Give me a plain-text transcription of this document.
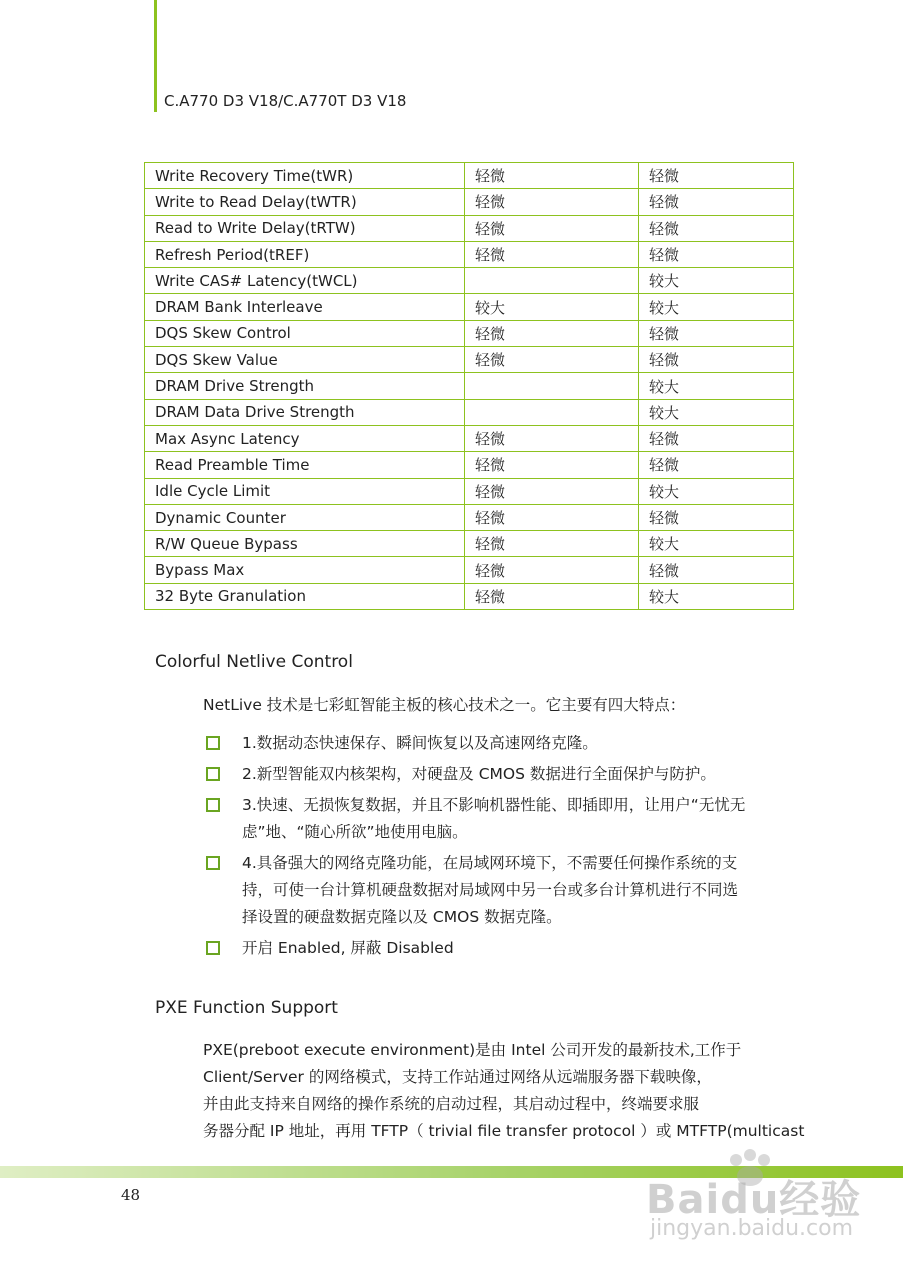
C.A770 D3 V18/C.A770T D3 V18
Write Recovery Time(tWR)	轻微	轻微
Write to Read Delay(tWTR)	轻微	轻微
Read to Write Delay(tRTW)	轻微	轻微
Refresh Period(tREF)	轻微	轻微
Write CAS# Latency(tWCL)		较大
DRAM Bank Interleave	较大	较大
DQS Skew Control	轻微	轻微
DQS Skew Value	轻微	轻微
DRAM Drive Strength		较大
DRAM Data Drive Strength		较大
Max Async Latency	轻微	轻微
Read Preamble Time	轻微	轻微
Idle Cycle Limit	轻微	较大
Dynamic Counter	轻微	轻微
R/W Queue Bypass	轻微	较大
Bypass Max	轻微	轻微
32 Byte Granulation	轻微	较大
Colorful Netlive Control
NetLive 技术是七彩虹智能主板的核心技术之一。它主要有四大特点：
1.数据动态快速保存、瞬间恢复以及高速网络克隆。
2.新型智能双内核架构，对硬盘及 CMOS 数据进行全面保护与防护。
3.快速、无损恢复数据，并且不影响机器性能、即插即用，让用户“无忧无
虑”地、“随心所欲”地使用电脑。
4.具备强大的网络克隆功能，在局域网环境下，不需要任何操作系统的支
持，可使一台计算机硬盘数据对局域网中另一台或多台计算机进行不同选
择设置的硬盘数据克隆以及 CMOS 数据克隆。
开启 Enabled, 屏蔽 Disabled
PXE Function Support
PXE(preboot execute environment)是由 Intel 公司开发的最新技术,工作于
Client/Server 的网络模式，支持工作站通过网络从远端服务器下载映像，
并由此支持来自网络的操作系统的启动过程，其启动过程中，终端要求服
务器分配 IP 地址，再用 TFTP（ trivial file transfer protocol ）或 MTFTP(multicast
48	Baidu经验
jingyan.baidu.com
